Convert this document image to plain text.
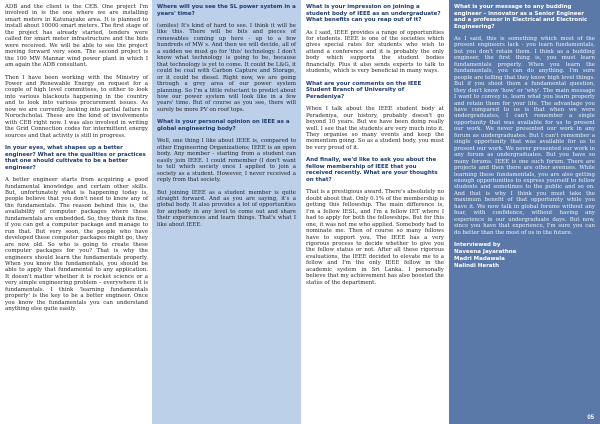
ADB and the client is the CEB. One project I'm involved in is the one where we are installing smart meters in Katunayake area. It is planned to install about 10000 smart meters. The first stage of the project has already started, tenders were called for smart meter infrastructure and the bids were received. We will be able to see the project moving forward very soon. The second project is the 100 MW Mannar wind power plant in which I am again the ADB consultant.

Then I have been working with the Ministry of Power and Renewable Energy on request for a couple of high level committees, to either to look into various blackouts happening in the country and to look into various procurement issues. As now we are currently looking into partial failure in Norochcholai. These are the kind of involvements with CEB right now. I was also involved in writing the Grid Connection codes for intermittent energy sources and that activity is still in progress.

In your eyes, what shapes up a better engineer? What are the qualities or practices that one should cultivate to be a better engineer?

A better engineer starts from acquiring a good fundamental knowledge and certain other skills. But, unfortunately what is happening today is, people believe that you don't need to know any of the fundamentals. The reason behind this is, the availability of computer packages where these fundamentals are embedded. So, they think its fine, if you can get a computer package and manage to run that. But very soon, the people who have developed these computer packages might go, they are now old. So who is going to create these computer packages for you? That is why the engineers should learn the fundamentals properly. When you know the fundamentals, you should be able to apply that fundamental to any application. It doesn't matter whether it is rocket science or a very simple engineering problem – everywhere it is fundamentals. I think 'learning fundamentals properly' is the key to be a better engineer. Once you know the fundamentals you can understand anything else quite easily.

Where will you see the SL power system in a years' time?

(smiles) It's kind of hard to see. I think it will be like this. There will be bits and pieces of renewables coming up here - up to a few hundreds of MW s. And then we will decide, all of a sudden we must go for 'this' technology. I don't know what technology is going to be, because that technology is yet to come. It could be L&G, it could be coal with Carbon Capture and Storage, or it could be diesel. Right now, we are going through a grey area of our power system planning. So I'm a little reluctant to predict about how our power system will look like in a few years' time. But of course as you see, there will surely be more PV on roof tops.

What is your personal opinion on IEEE as a global engineering body?

Well, one thing I like about IEEE is, compared to other Engineering Organizations; IEEE is an open body. Any member - starting from a student can easily join IEEE. I could remember (I don't want to tell which society once I applied to join a society as a student. However, I never received a reply from that society.

But joining IEEE as a student member is quite straight forward. And as you are saying, it's a global body. It also provides a lot of opportunities for anybody in any level to come out and share their experiences and learn things. That's what I like about IEEE.

What is your impression on joining a student body of IEEE as an undergraduate? What benefits can you reap out of it?

As I said, IEEE provides a range of opportunities for students. IEEE is one of the societies which gives special rates for students who wish to attend a conference and it is probably the only body which supports the student bodies financially. Plus it also sends experts to talk to students, which is very beneficial in many ways.

What are your comments on the IEEE Student Branch of University of Peradeniya?

When I talk about the IEEE student body at Peradeniya, our history, probably doesn't go beyond 10 years. But we have been doing really well. I see that the students are very much into it. They organise so many events and keep the momentum going. So as a student body, you must be very proud of it.

And finally, we'd like to ask you about the fellow membership of IEEE that you received recently. What are your thoughts on that?

That is a prestigious award. There's absolutely no doubt about that. Only 0.1% of the membership is getting this fellowship. The main difference is, I'm a fellow IESL, and I'm a fellow IET where I had to apply for both the fellowships. But for this one, it was not me who applied. Somebody had to nominate me. Then of course so many fellows have to support you. The IEEE has a very rigorous process to decide whether to give you the fellow status or not. After all these rigorous evaluations, the IEEE decided to elevate me to a fellow and I'm the only IEEE fellow in the academic system in Sri Lanka. I personally believe that my achievement has also boosted the status of the department.

What is your message to any budding engineer – innovator as a Senior Engineer and a professor in Electrical and Electronic Engineering?

As I said, this is something which most of the present engineers lack - you learn fundamentals, but you don't retain them. I think as a budding engineer, the first thing is, you must learn fundamentals properly. When you learn the fundamentals, you can do anything. I'm sure people are telling that they know high level things. But if you shoot them a fundamental question, they don't know 'how' or 'why'. The main message I want to convey is, learn what you learn properly and retain them for your life. The advantage you have compared to us is that when we were undergraduates, I can't remember a single opportunity that was available for us to present our work. We never presented our work in any forum as undergraduates. But I can't remember a single opportunity that was available for us to present our work. We never presented our work in any forum as undergraduates. But you have so many forums. IEEE is one such forum. There are projects and then there are other avenues. While learning these fundamentals, you are also getting enough opportunities to express yourself to fellow students and sometimes to the public and so on. And that is why I think you must take the maximum benefit of that opportunity while you have it. We now talk in global forums without any fear, with confidence, without having any experience in our undergraduate days. But now, since you have that experience, I'm sure you can do better than the most of us in the future.

Interviewed by
Naveena Jayarathne
Madri Madawala
Nalindi Herath
05
